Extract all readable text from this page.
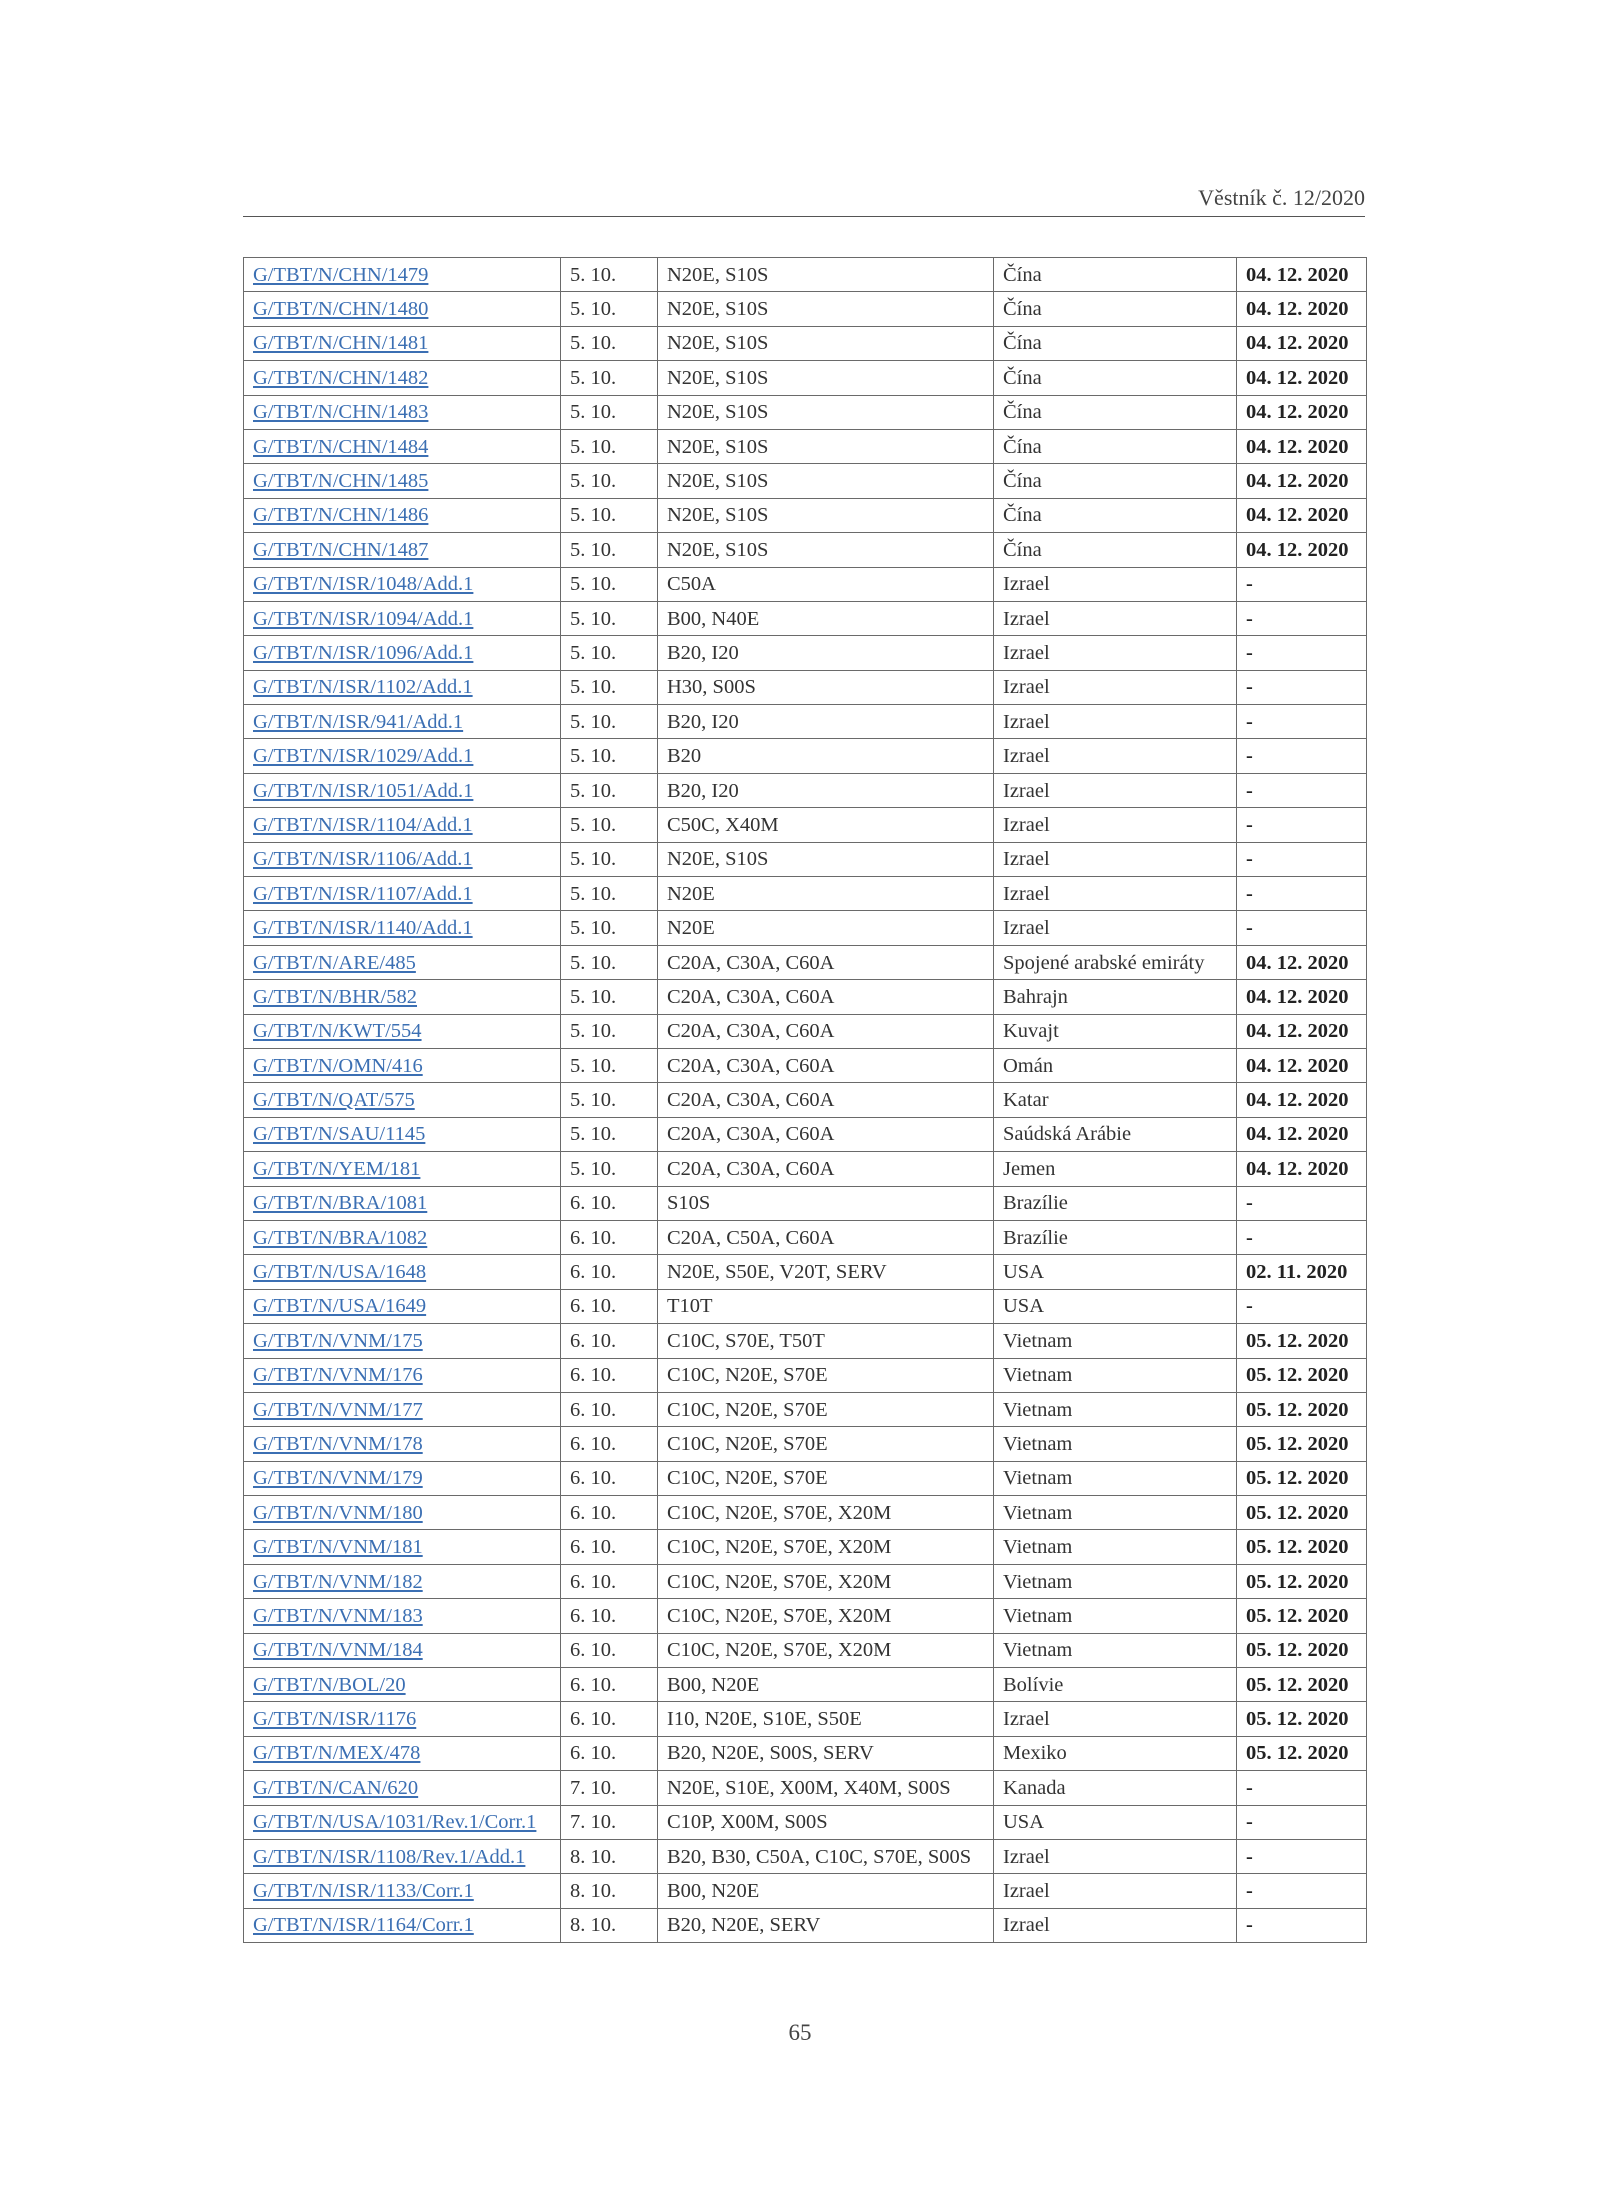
Věstník č. 12/2020
G/TBT/N/CHN/1479	5. 10.	N20E, S10S	Čína	04. 12. 2020
G/TBT/N/CHN/1480	5. 10.	N20E, S10S	Čína	04. 12. 2020
G/TBT/N/CHN/1481	5. 10.	N20E, S10S	Čína	04. 12. 2020
G/TBT/N/CHN/1482	5. 10.	N20E, S10S	Čína	04. 12. 2020
G/TBT/N/CHN/1483	5. 10.	N20E, S10S	Čína	04. 12. 2020
G/TBT/N/CHN/1484	5. 10.	N20E, S10S	Čína	04. 12. 2020
G/TBT/N/CHN/1485	5. 10.	N20E, S10S	Čína	04. 12. 2020
G/TBT/N/CHN/1486	5. 10.	N20E, S10S	Čína	04. 12. 2020
G/TBT/N/CHN/1487	5. 10.	N20E, S10S	Čína	04. 12. 2020
G/TBT/N/ISR/1048/Add.1	5. 10.	C50A	Izrael	-
G/TBT/N/ISR/1094/Add.1	5. 10.	B00, N40E	Izrael	-
G/TBT/N/ISR/1096/Add.1	5. 10.	B20, I20	Izrael	-
G/TBT/N/ISR/1102/Add.1	5. 10.	H30, S00S	Izrael	-
G/TBT/N/ISR/941/Add.1	5. 10.	B20, I20	Izrael	-
G/TBT/N/ISR/1029/Add.1	5. 10.	B20	Izrael	-
G/TBT/N/ISR/1051/Add.1	5. 10.	B20, I20	Izrael	-
G/TBT/N/ISR/1104/Add.1	5. 10.	C50C, X40M	Izrael	-
G/TBT/N/ISR/1106/Add.1	5. 10.	N20E, S10S	Izrael	-
G/TBT/N/ISR/1107/Add.1	5. 10.	N20E	Izrael	-
G/TBT/N/ISR/1140/Add.1	5. 10.	N20E	Izrael	-
G/TBT/N/ARE/485	5. 10.	C20A, C30A, C60A	Spojené arabské emiráty	04. 12. 2020
G/TBT/N/BHR/582	5. 10.	C20A, C30A, C60A	Bahrajn	04. 12. 2020
G/TBT/N/KWT/554	5. 10.	C20A, C30A, C60A	Kuvajt	04. 12. 2020
G/TBT/N/OMN/416	5. 10.	C20A, C30A, C60A	Omán	04. 12. 2020
G/TBT/N/QAT/575	5. 10.	C20A, C30A, C60A	Katar	04. 12. 2020
G/TBT/N/SAU/1145	5. 10.	C20A, C30A, C60A	Saúdská Arábie	04. 12. 2020
G/TBT/N/YEM/181	5. 10.	C20A, C30A, C60A	Jemen	04. 12. 2020
G/TBT/N/BRA/1081	6. 10.	S10S	Brazílie	-
G/TBT/N/BRA/1082	6. 10.	C20A, C50A, C60A	Brazílie	-
G/TBT/N/USA/1648	6. 10.	N20E, S50E, V20T, SERV	USA	02. 11. 2020
G/TBT/N/USA/1649	6. 10.	T10T	USA	-
G/TBT/N/VNM/175	6. 10.	C10C, S70E, T50T	Vietnam	05. 12. 2020
G/TBT/N/VNM/176	6. 10.	C10C, N20E, S70E	Vietnam	05. 12. 2020
G/TBT/N/VNM/177	6. 10.	C10C, N20E, S70E	Vietnam	05. 12. 2020
G/TBT/N/VNM/178	6. 10.	C10C, N20E, S70E	Vietnam	05. 12. 2020
G/TBT/N/VNM/179	6. 10.	C10C, N20E, S70E	Vietnam	05. 12. 2020
G/TBT/N/VNM/180	6. 10.	C10C, N20E, S70E, X20M	Vietnam	05. 12. 2020
G/TBT/N/VNM/181	6. 10.	C10C, N20E, S70E, X20M	Vietnam	05. 12. 2020
G/TBT/N/VNM/182	6. 10.	C10C, N20E, S70E, X20M	Vietnam	05. 12. 2020
G/TBT/N/VNM/183	6. 10.	C10C, N20E, S70E, X20M	Vietnam	05. 12. 2020
G/TBT/N/VNM/184	6. 10.	C10C, N20E, S70E, X20M	Vietnam	05. 12. 2020
G/TBT/N/BOL/20	6. 10.	B00, N20E	Bolívie	05. 12. 2020
G/TBT/N/ISR/1176	6. 10.	I10, N20E, S10E, S50E	Izrael	05. 12. 2020
G/TBT/N/MEX/478	6. 10.	B20, N20E, S00S, SERV	Mexiko	05. 12. 2020
G/TBT/N/CAN/620	7. 10.	N20E, S10E, X00M, X40M, S00S	Kanada	-
G/TBT/N/USA/1031/Rev.1/Corr.1	7. 10.	C10P, X00M, S00S	USA	-
G/TBT/N/ISR/1108/Rev.1/Add.1	8. 10.	B20, B30, C50A, C10C, S70E, S00S	Izrael	-
G/TBT/N/ISR/1133/Corr.1	8. 10.	B00, N20E	Izrael	-
G/TBT/N/ISR/1164/Corr.1	8. 10.	B20, N20E, SERV	Izrael	-
65
